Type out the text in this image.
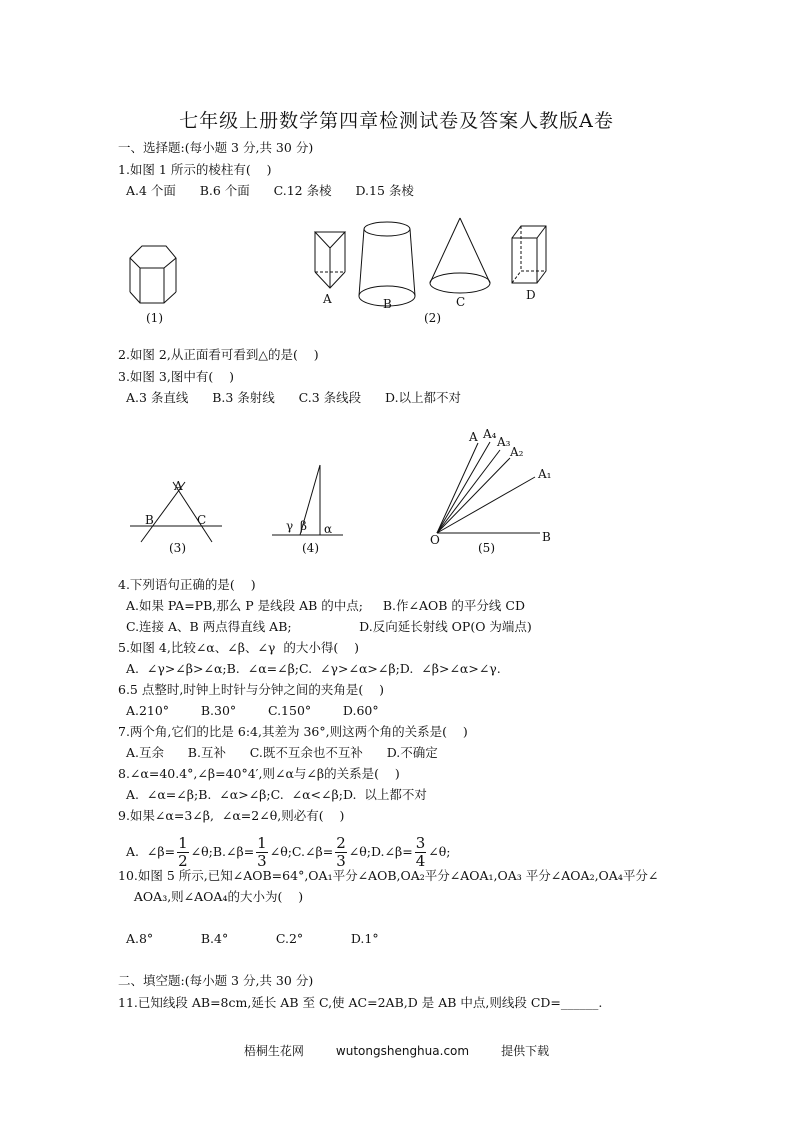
七年级上册数学第四章检测试卷及答案人教版A卷
一、选择题:(每小题 3 分,共 30 分)
1.如图 1 所示的棱柱有(    )
A.4 个面      B.6 个面      C.12 条棱      D.15 条棱
2.如图 2,从正面看可看到△的是(    )
3.如图 3,图中有(    )
A.3 条直线      B.3 条射线      C.3 条线段      D.以上都不对
4.下列语句正确的是(    )
A.如果 PA=PB,那么 P 是线段 AB 的中点;     B.作∠AOB 的平分线 CD
C.连接 A、B 两点得直线 AB;                 D.反向延长射线 OP(O 为端点)
5.如图 4,比较∠α、∠β、∠γ  的大小得(    )
A.  ∠γ>∠β>∠α;B.  ∠α=∠β;C.  ∠γ>∠α>∠β;D.  ∠β>∠α>∠γ.
6.5 点整时,时钟上时针与分钟之间的夹角是(    )
A.210°        B.30°        C.150°        D.60°
7.两个角,它们的比是 6:4,其差为 36°,则这两个角的关系是(    )
A.互余      B.互补      C.既不互余也不互补      D.不确定
8.∠α=40.4°,∠β=40°4′,则∠α与∠β的关系是(    )
A.  ∠α=∠β;B.  ∠α>∠β;C.  ∠α<∠β;D.  以上都不对
9.如果∠α=3∠β,  ∠α=2∠θ,则必有(    )
10.如图 5 所示,已知∠AOB=64°,OA₁平分∠AOB,OA₂平分∠AOA₁,OA₃ 平分∠AOA₂,OA₄平分∠
AOA₃,则∠AOA₄的大小为(    )
A.8°            B.4°            C.2°            D.1°
二、填空题:(每小题 3 分,共 30 分)
11.已知线段 AB=8cm,延长 AB 至 C,使 AC=2AB,D 是 AB 中点,则线段 CD=______.
A.  ∠β= $\frac{1}{2}$ ∠θ;B.∠β= $\frac{1}{3}$ ∠θ;C.∠β= $\frac{2}{3}$ ∠θ;D.∠β= $\frac{3}{4}$ ∠θ;
(1)
A	B	C
(2)
D
A
B	C
(3)
γ β α
(4)
A A₄
A₃
A₂
A₁
O	B
(5)
梧桐生花网	wutongshenghua.com	提供下载
